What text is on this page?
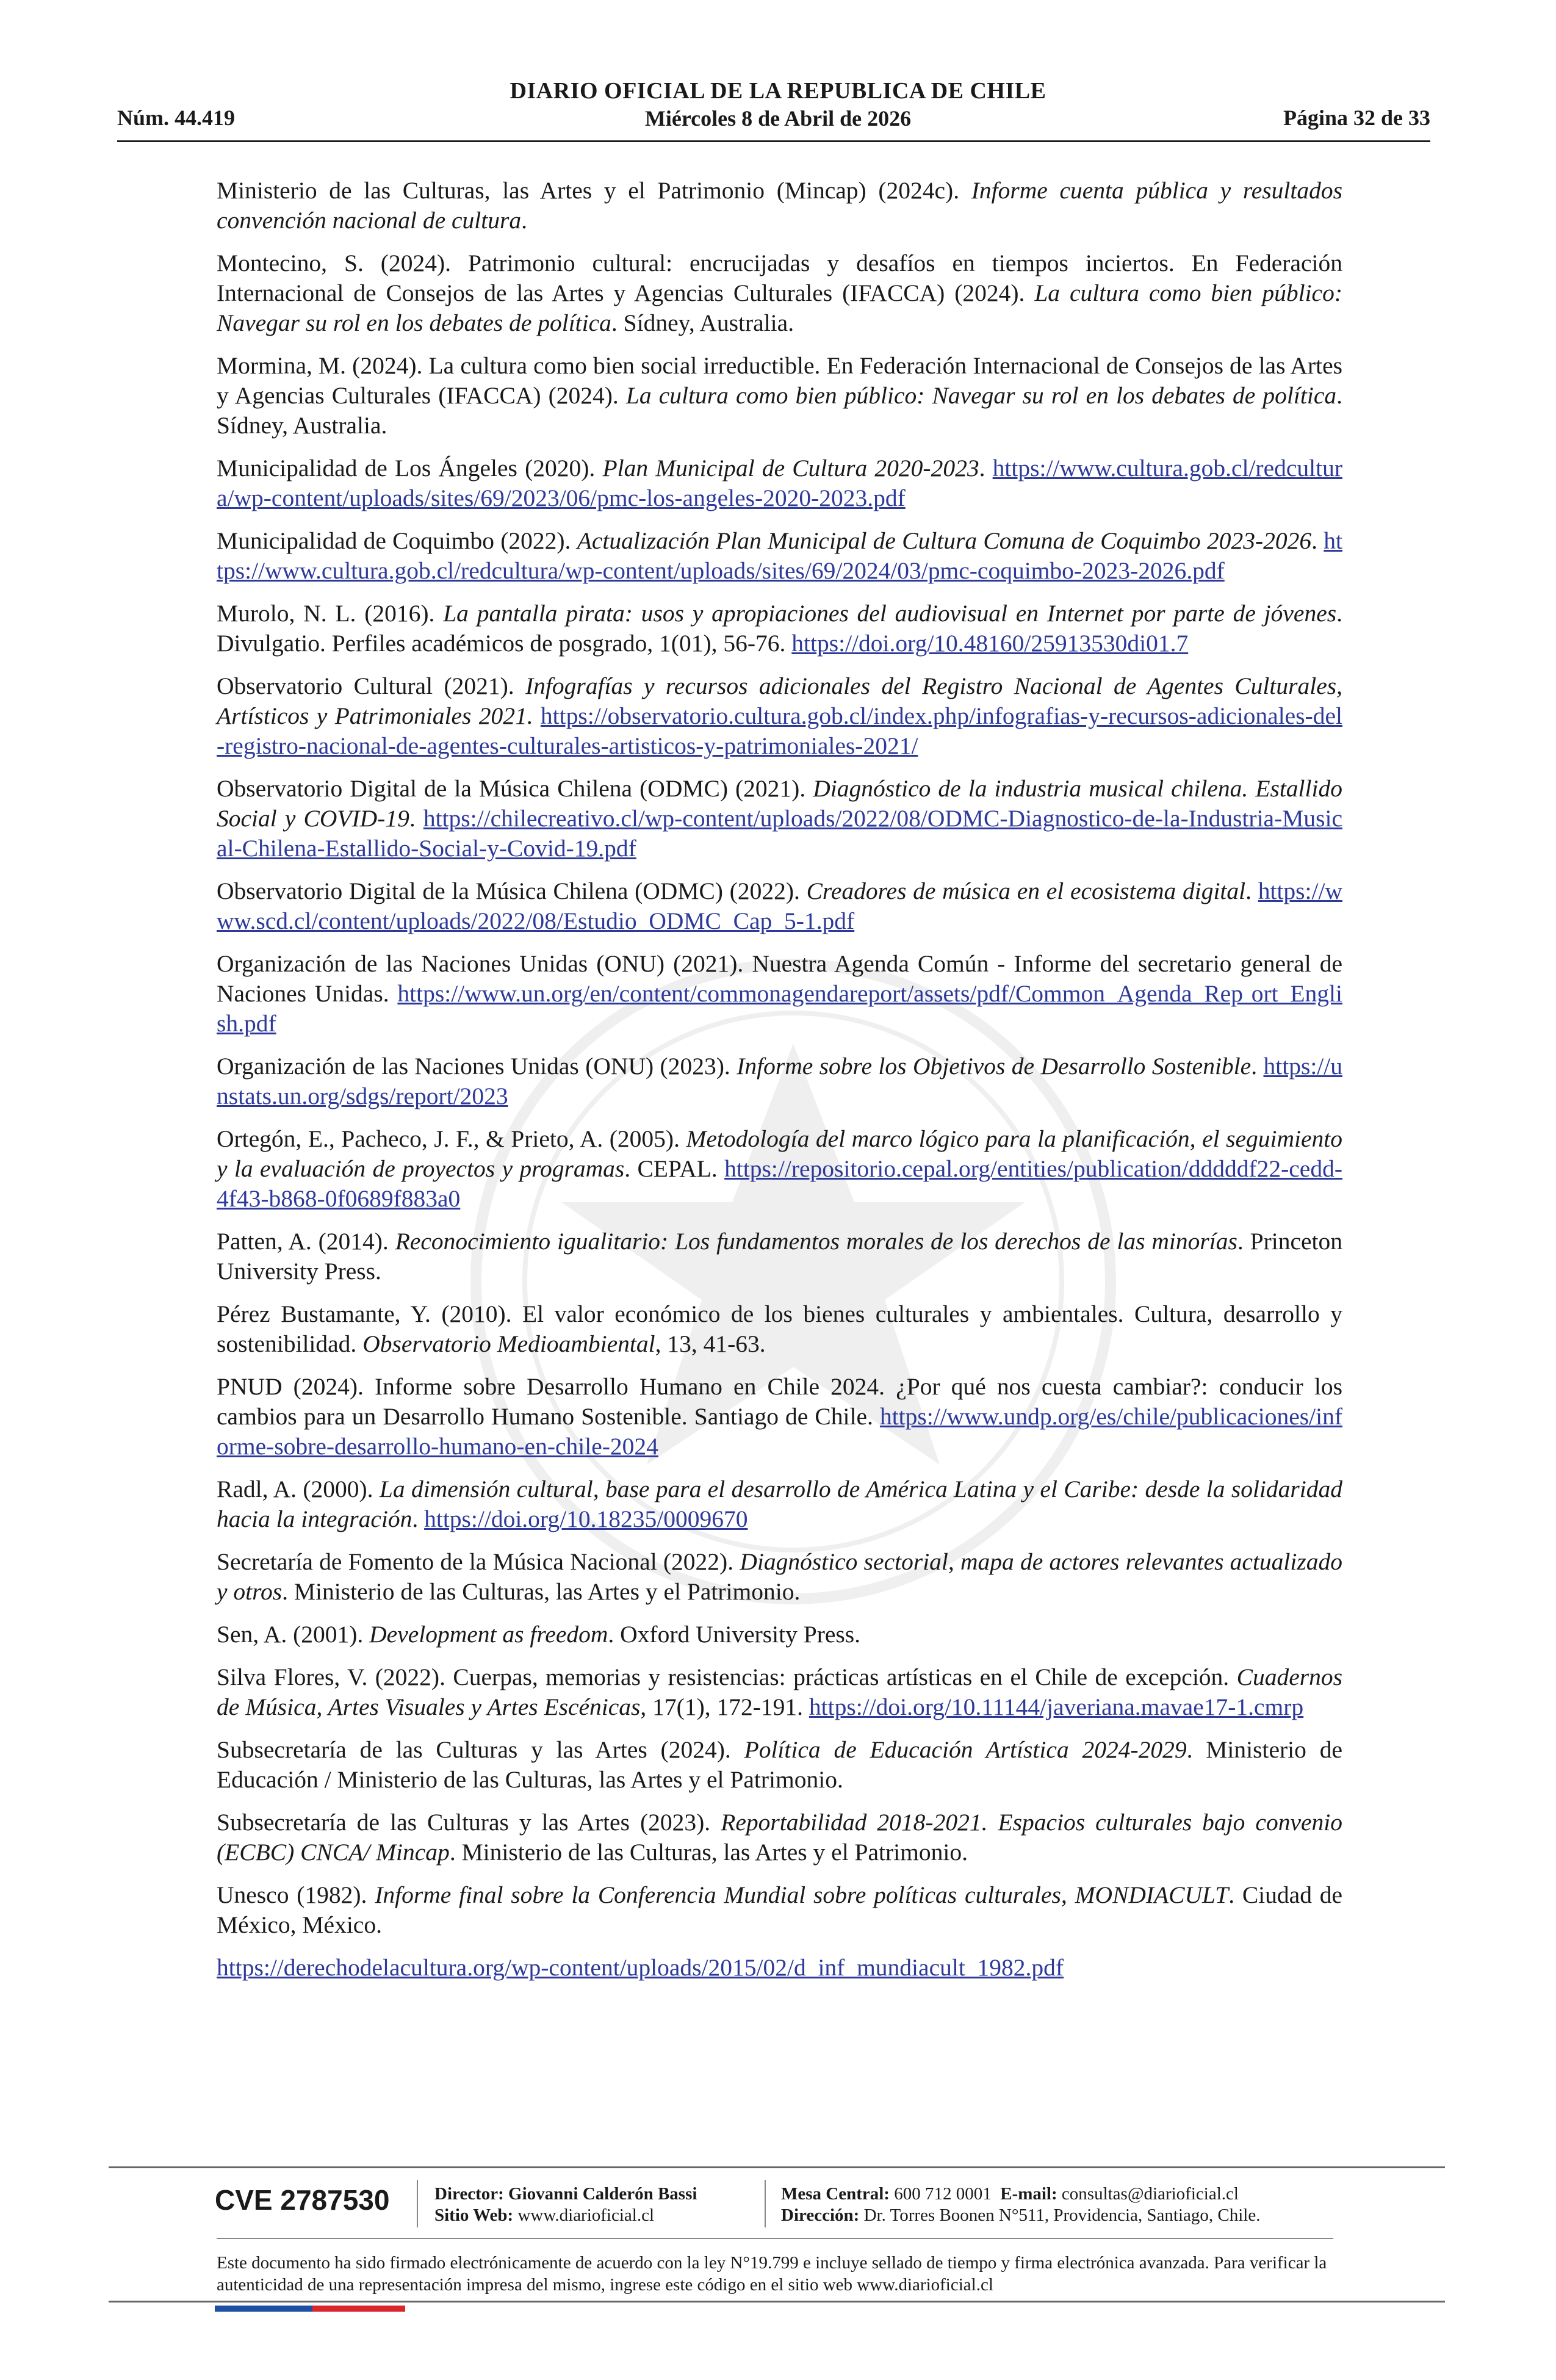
Núm. 44.419
DIARIO OFICIAL DE LA REPUBLICA DE CHILE
Miércoles 8 de Abril de 2026	Página 32 de 33

Ministerio de las Culturas, las Artes y el Patrimonio (Mincap) (2024c). Informe cuenta pública y resultados convención nacional de cultura.

Montecino, S. (2024). Patrimonio cultural: encrucijadas y desafíos en tiempos inciertos. En Federación Internacional de Consejos de las Artes y Agencias Culturales (IFACCA) (2024). La cultura como bien público: Navegar su rol en los debates de política. Sídney, Australia.

Mormina, M. (2024). La cultura como bien social irreductible. En Federación Internacional de Consejos de las Artes y Agencias Culturales (IFACCA) (2024). La cultura como bien público: Navegar su rol en los debates de política. Sídney, Australia.

Municipalidad de Los Ángeles (2020). Plan Municipal de Cultura 2020-2023. https://www.cultura.gob.cl/redcultura/wp-content/uploads/sites/69/2023/06/pmc-los-angeles-2020-2023.pdf

Municipalidad de Coquimbo (2022). Actualización Plan Municipal de Cultura Comuna de Coquimbo 2023-2026. https://www.cultura.gob.cl/redcultura/wp-content/uploads/sites/69/2024/03/pmc-coquimbo-2023-2026.pdf

Murolo, N. L. (2016). La pantalla pirata: usos y apropiaciones del audiovisual en Internet por parte de jóvenes. Divulgatio. Perfiles académicos de posgrado, 1(01), 56-76. https://doi.org/10.48160/25913530di01.7

Observatorio Cultural (2021). Infografías y recursos adicionales del Registro Nacional de Agentes Culturales, Artísticos y Patrimoniales 2021. https://observatorio.cultura.gob.cl/index.php/infografias-y-recursos-adicionales-del-registro-nacional-de-agentes-culturales-artisticos-y-patrimoniales-2021/

Observatorio Digital de la Música Chilena (ODMC) (2021). Diagnóstico de la industria musical chilena. Estallido Social y COVID-19. https://chilecreativo.cl/wp-content/uploads/2022/08/ODMC-Diagnostico-de-la-Industria-Musical-Chilena-Estallido-Social-y-Covid-19.pdf

Observatorio Digital de la Música Chilena (ODMC) (2022). Creadores de música en el ecosistema digital. https://www.scd.cl/content/uploads/2022/08/Estudio_ODMC_Cap_5-1.pdf

Organización de las Naciones Unidas (ONU) (2021). Nuestra Agenda Común - Informe del secretario general de Naciones Unidas. https://www.un.org/en/content/commonagendareport/assets/pdf/Common_Agenda_Rep ort_English.pdf

Organización de las Naciones Unidas (ONU) (2023). Informe sobre los Objetivos de Desarrollo Sostenible. https://unstats.un.org/sdgs/report/2023

Ortegón, E., Pacheco, J. F., & Prieto, A. (2005). Metodología del marco lógico para la planificación, el seguimiento y la evaluación de proyectos y programas. CEPAL. https://repositorio.cepal.org/entities/publication/dddddf22-cedd-4f43-b868-0f0689f883a0

Patten, A. (2014). Reconocimiento igualitario: Los fundamentos morales de los derechos de las minorías. Princeton University Press.

Pérez Bustamante, Y. (2010). El valor económico de los bienes culturales y ambientales. Cultura, desarrollo y sostenibilidad. Observatorio Medioambiental, 13, 41-63.

PNUD (2024). Informe sobre Desarrollo Humano en Chile 2024. ¿Por qué nos cuesta cambiar?: conducir los cambios para un Desarrollo Humano Sostenible. Santiago de Chile. https://www.undp.org/es/chile/publicaciones/informe-sobre-desarrollo-humano-en-chile-2024

Radl, A. (2000). La dimensión cultural, base para el desarrollo de América Latina y el Caribe: desde la solidaridad hacia la integración. https://doi.org/10.18235/0009670

Secretaría de Fomento de la Música Nacional (2022). Diagnóstico sectorial, mapa de actores relevantes actualizado y otros. Ministerio de las Culturas, las Artes y el Patrimonio.

Sen, A. (2001). Development as freedom. Oxford University Press.

Silva Flores, V. (2022). Cuerpas, memorias y resistencias: prácticas artísticas en el Chile de excepción. Cuadernos de Música, Artes Visuales y Artes Escénicas, 17(1), 172-191. https://doi.org/10.11144/javeriana.mavae17-1.cmrp

Subsecretaría de las Culturas y las Artes (2024). Política de Educación Artística 2024-2029. Ministerio de Educación / Ministerio de las Culturas, las Artes y el Patrimonio.

Subsecretaría de las Culturas y las Artes (2023). Reportabilidad 2018-2021. Espacios culturales bajo convenio (ECBC) CNCA/ Mincap. Ministerio de las Culturas, las Artes y el Patrimonio.

Unesco (1982). Informe final sobre la Conferencia Mundial sobre políticas culturales, MONDIACULT. Ciudad de México, México.

https://derechodelacultura.org/wp-content/uploads/2015/02/d_inf_mundiacult_1982.pdf
CVE 2787530	Director: Giovanni Calderón Bassi
Sitio Web: www.diarioficial.cl
Mesa Central: 600 712 0001 E-mail: consultas@diarioficial.cl
Dirección: Dr. Torres Boonen N°511, Providencia, Santiago, Chile.
Este documento ha sido firmado electrónicamente de acuerdo con la ley N°19.799 e incluye sellado de tiempo y firma electrónica avanzada. Para verificar la autenticidad de una representación impresa del mismo, ingrese este código en el sitio web www.diarioficial.cl
